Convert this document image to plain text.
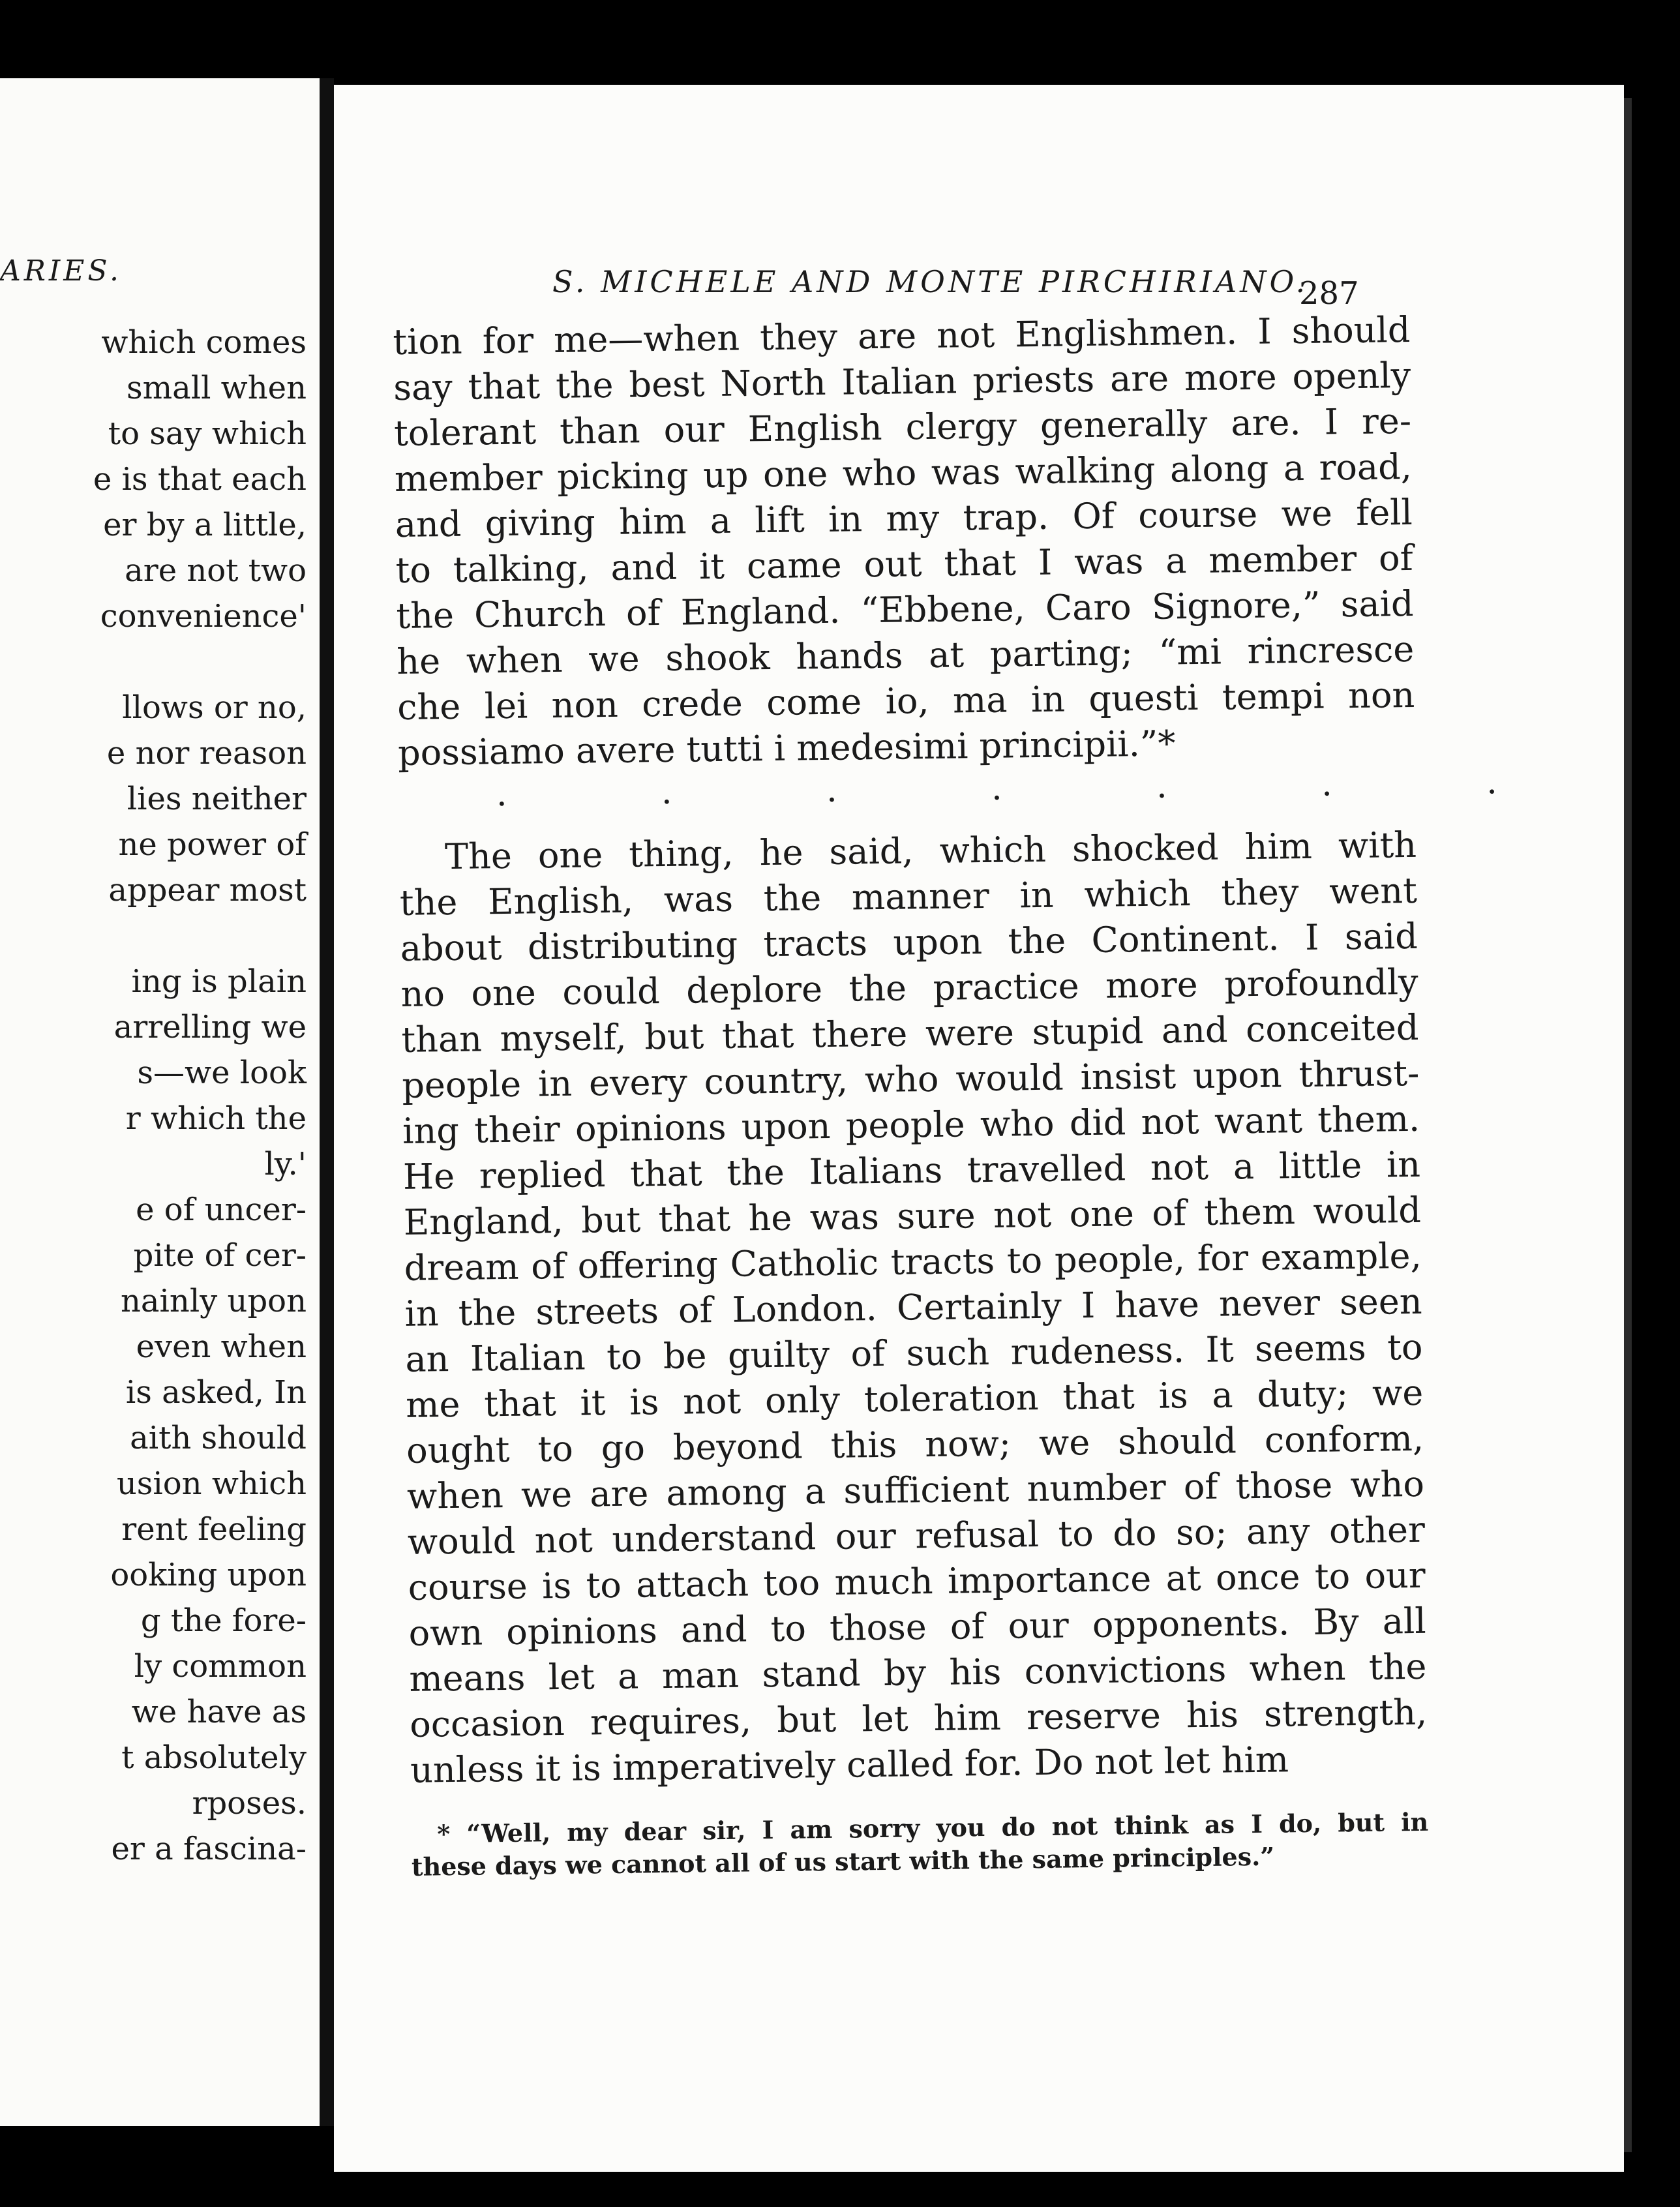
ARIES.
which comes
small when
to say which
e is that each
er by a little,
are not two
convenience'
llows or no,
e nor reason
lies neither
ne power of
appear most
ing is plain
arrelling we
s—we look
r which the
ly.'
e of uncer-
pite of cer-
nainly upon
even when
is asked, In
aith should
usion which
rent feeling
ooking upon
g the fore-
ly common
we have as
t absolutely
rposes.
er a fascina-
S. MICHELE AND MONTE PIRCHIRIANO.
287
tion for me—when they are not Englishmen. I should
say that the best North Italian priests are more openly
tolerant than our English clergy generally are. I re-
member picking up one who was walking along a road,
and giving him a lift in my trap. Of course we fell
to talking, and it came out that I was a member of
the Church of England. “Ebbene, Caro Signore,” said
he when we shook hands at parting; “mi rincresce
che lei non crede come io, ma in questi tempi non
possiamo avere tutti i medesimi principii.”*
. . . . . . .
The one thing, he said, which shocked him with
the English, was the manner in which they went
about distributing tracts upon the Continent. I said
no one could deplore the practice more profoundly
than myself, but that there were stupid and conceited
people in every country, who would insist upon thrust-
ing their opinions upon people who did not want them.
He replied that the Italians travelled not a little in
England, but that he was sure not one of them would
dream of offering Catholic tracts to people, for example,
in the streets of London. Certainly I have never seen
an Italian to be guilty of such rudeness. It seems to
me that it is not only toleration that is a duty; we
ought to go beyond this now; we should conform,
when we are among a sufficient number of those who
would not understand our refusal to do so; any other
course is to attach too much importance at once to our
own opinions and to those of our opponents. By all
means let a man stand by his convictions when the
occasion requires, but let him reserve his strength,
unless it is imperatively called for. Do not let him
* “Well, my dear sir, I am sorry you do not think as I do, but in
these days we cannot all of us start with the same principles.”
